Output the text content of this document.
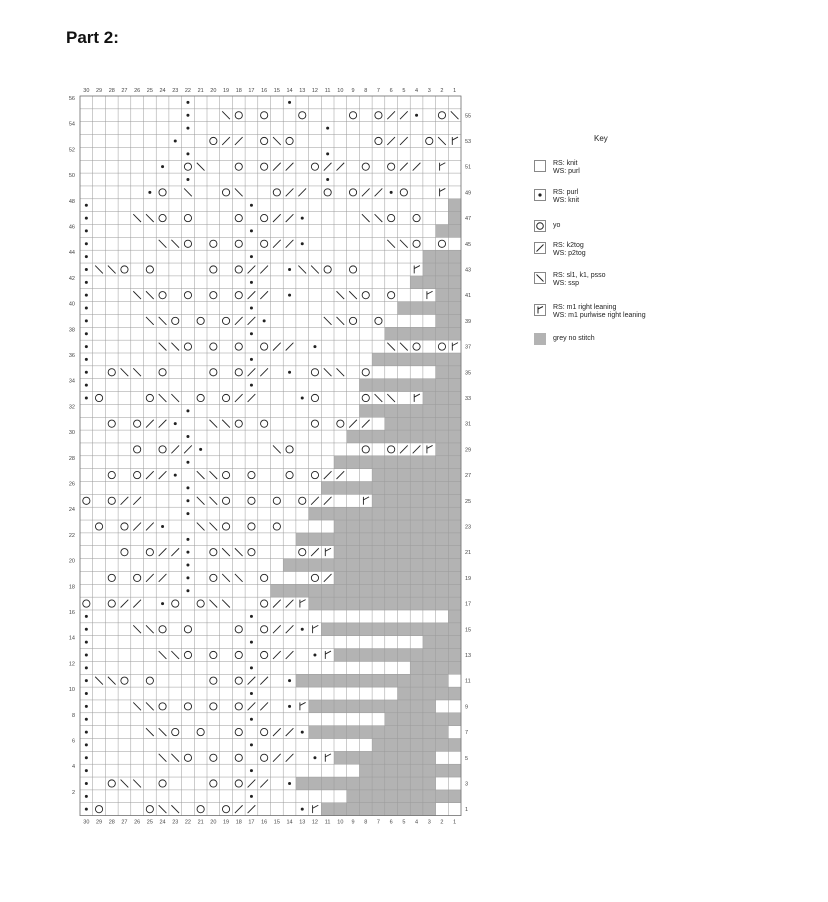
Part 2:
30 29 28 27 26 25 24 23 22 21 20 19 18 17 16 15 14 13 12 11 10 9 8 7 6 5 4 3 2 1
30 29 28 27 26 25 24 23 22 21 20 19 18 17 16 15 14 13 12 11 10 9 8 7 6 5 4 3 2 1
56
54
52
50
48
46
44
42
40
38
36
34
32
30
28
26
24
22
20
18
16
14
12
10
8
6
4
2
55
53
51
49
47
45
43
41
39
37
35
33
31
29
27
25
23
21
19
17
15
13
11
9
7
5
3
1
Key
RS: knit
WS: purl
RS: purl
WS: knit
yo
RS: k2tog
WS: p2tog
RS: sl1, k1, psso
WS: ssp
RS: m1 right leaning
WS: m1 purlwise right leaning
grey no stitch
